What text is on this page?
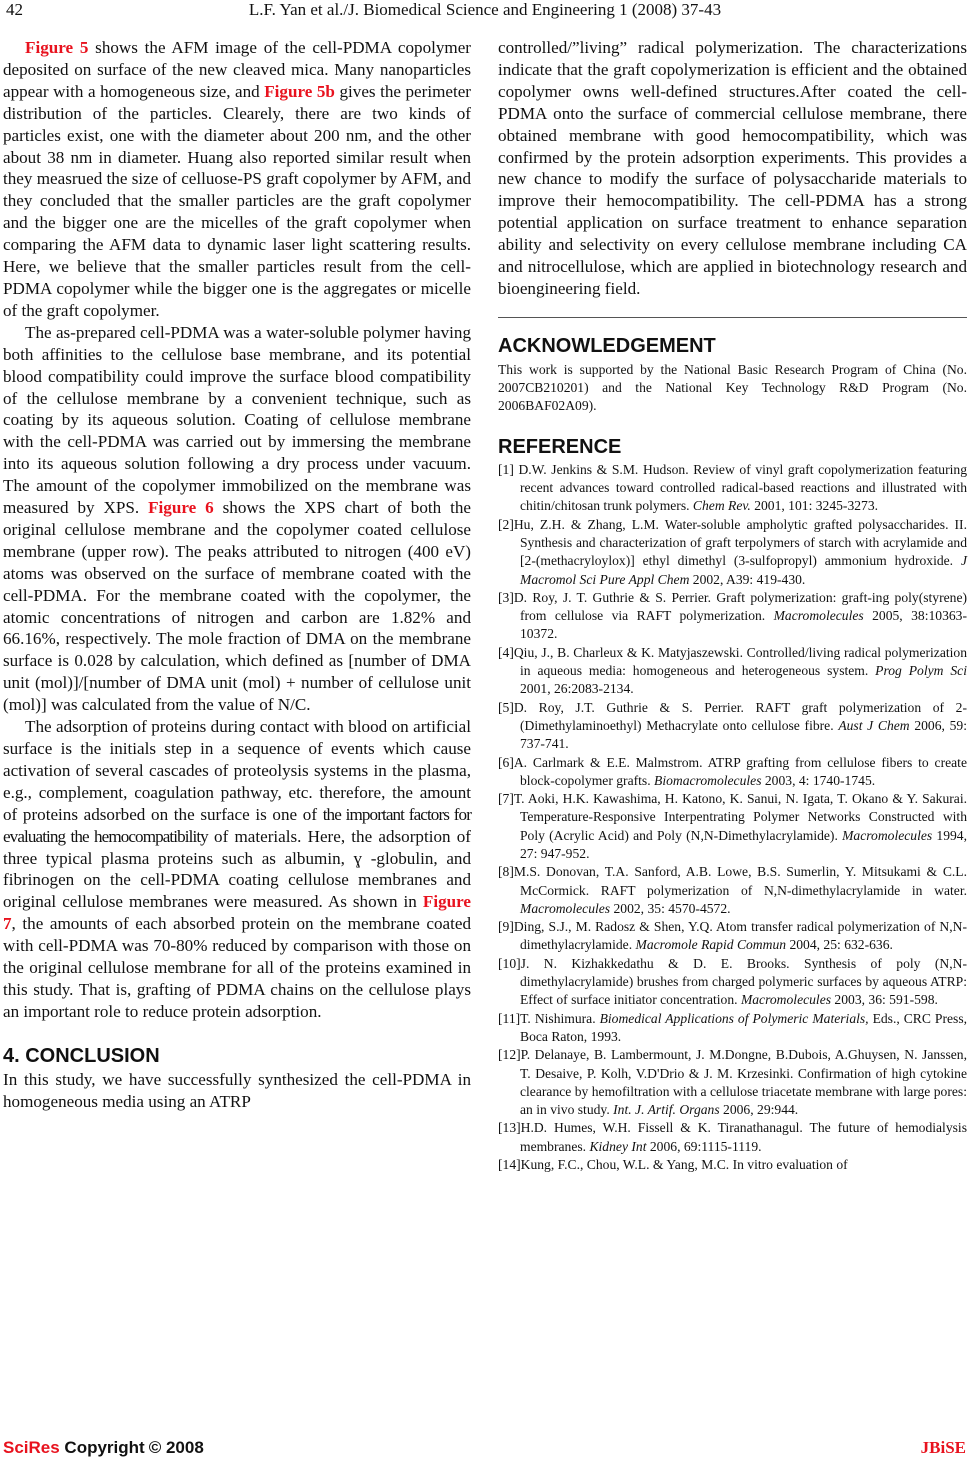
42	L.F. Yan et al./J. Biomedical Science and Engineering 1 (2008) 37-43

Figure 5 shows the AFM image of the cell-PDMA copolymer deposited on surface of the new cleaved mica. Many nanoparticles appear with a homogeneous size, and Figure 5b gives the perimeter distribution of the particles. Clearely, there are two kinds of particles exist, one with the diameter about 200 nm, and the other about 38 nm in diameter. Huang also reported similar result when they measrued the size of celluose-PS graft copolymer by AFM, and they concluded that the smaller particles are the graft copolymer and the bigger one are the micelles of the graft copolymer when comparing the AFM data to dynamic laser light scattering results. Here, we believe that the smaller particles result from the cell-PDMA copolymer while the bigger one is the aggregates or micelle of the graft copolymer.

The as-prepared cell-PDMA was a water-soluble polymer having both affinities to the cellulose base membrane, and its potential blood compatibility could improve the surface blood compatibility of the cellulose membrane by a convenient technique, such as coating by its aqueous solution. Coating of cellulose membrane with the cell-PDMA was carried out by immersing the membrane into its aqueous solution following a dry process under vacuum. The amount of the copolymer immobilized on the membrane was measured by XPS. Figure 6 shows the XPS chart of both the original cellulose membrane and the copolymer coated cellulose membrane (upper row). The peaks attributed to nitrogen (400 eV) atoms was observed on the surface of membrane coated with the cell-PDMA. For the membrane coated with the copolymer, the atomic concentrations of nitrogen and carbon are 1.82% and 66.16%, respectively. The mole fraction of DMA on the membrane surface is 0.028 by calculation, which defined as [number of DMA unit (mol)]/[number of DMA unit (mol) + number of cellulose unit (mol)] was calculated from the value of N/C.

The adsorption of proteins during contact with blood on artificial surface is the initials step in a sequence of events which cause activation of several cascades of proteolysis systems in the plasma, e.g., complement, coagulation pathway, etc. therefore, the amount of proteins adsorbed on the surface is one of the important factors for evaluating the hemocompatibility of materials. Here, the adsorption of three typical plasma proteins such as albumin, ɣ -globulin, and fibrinogen on the cell-PDMA coating cellulose membranes and original cellulose membranes were measured. As shown in Figure 7, the amounts of each absorbed protein on the membrane coated with cell-PDMA was 70-80% reduced by comparison with those on the original cellulose membrane for all of the proteins examined in this study. That is, grafting of PDMA chains on the cellulose plays an important role to reduce protein adsorption.

4. CONCLUSION

In this study, we have successfully synthesized the cell-PDMA in homogeneous media using an ATRP

controlled/”living” radical polymerization. The characterizations indicate that the graft copolymerization is efficient and the obtained copolymer owns well-defined structures.After coated the cell-PDMA onto the surface of commercial cellulose membrane, there obtained membrane with good hemocompatibility, which was confirmed by the protein adsorption experiments. This provides a new chance to modify the surface of polysaccharide materials to improve their hemocompatibility. The cell-PDMA has a strong potential application on surface treatment to enhance separation ability and selectivity on every cellulose membrane including CA and nitrocellulose, which are applied in biotechnology research and bioengineering field.

ACKNOWLEDGEMENT

This work is supported by the National Basic Research Program of China (No. 2007CB210201) and the National Key Technology R&D Program (No. 2006BAF02A09).

REFERENCE

[1] D.W. Jenkins & S.M. Hudson. Review of vinyl graft copolymerization featuring recent advances toward controlled radical-based reactions and illustrated with chitin/chitosan trunk polymers. Chem Rev. 2001, 101: 3245-3273.

[2]Hu, Z.H. & Zhang, L.M. Water-soluble ampholytic grafted polysaccharides. II. Synthesis and characterization of graft terpolymers of starch with acrylamide and [2-(methacryloylox)] ethyl dimethyl (3-sulfopropyl) ammonium hydroxide. J Macromol Sci Pure Appl Chem 2002, A39: 419-430.

[3]D. Roy, J. T. Guthrie & S. Perrier. Graft polymerization: graft-ing poly(styrene) from cellulose via RAFT polymerization. Macromolecules 2005, 38:10363-10372.

[4]Qiu, J., B. Charleux & K. Matyjaszewski. Controlled/living radical polymerization in aqueous media: homogeneous and heterogeneous system. Prog Polym Sci 2001, 26:2083-2134.

[5]D. Roy, J.T. Guthrie & S. Perrier. RAFT graft polymerization of 2-(Dimethylaminoethyl) Methacrylate onto cellulose fibre. Aust J Chem 2006, 59: 737-741.

[6]A. Carlmark & E.E. Malmstrom. ATRP grafting from cellulose fibers to create block-copolymer grafts. Biomacromolecules 2003, 4: 1740-1745.

[7]T. Aoki, H.K. Kawashima, H. Katono, K. Sanui, N. Igata, T. Okano & Y. Sakurai. Temperature-Responsive Interpentrating Polymer Networks Constructed with Poly (Acrylic Acid) and Poly (N,N-Dimethylacrylamide). Macromolecules 1994, 27: 947-952.

[8]M.S. Donovan, T.A. Sanford, A.B. Lowe, B.S. Sumerlin, Y. Mitsukami & C.L. McCormick. RAFT polymerization of N,N-dimethylacrylamide in water. Macromolecules 2002, 35: 4570-4572.

[9]Ding, S.J., M. Radosz & Shen, Y.Q. Atom transfer radical polymerization of N,N-dimethylacrylamide. Macromole Rapid Commun 2004, 25: 632-636.

[10]J. N. Kizhakkedathu & D. E. Brooks. Synthesis of poly (N,N-dimethylacrylamide) brushes from charged polymeric surfaces by aqueous ATRP: Effect of surface initiator concentration. Macromolecules 2003, 36: 591-598.

[11]T. Nishimura. Biomedical Applications of Polymeric Materials, Eds., CRC Press, Boca Raton, 1993.

[12]P. Delanaye, B. Lambermount, J. M.Dongne, B.Dubois, A.Ghuysen, N. Janssen, T. Desaive, P. Kolh, V.D'Drio & J. M. Krzesinki. Confirmation of high cytokine clearance by hemofiltration with a cellulose triacetate membrane with large pores: an in vivo study. Int. J. Artif. Organs 2006, 29:944.

[13]H.D. Humes, W.H. Fissell & K. Tiranathanagul. The future of hemodialysis membranes. Kidney Int 2006, 69:1115-1119.

[14]Kung, F.C., Chou, W.L. & Yang, M.C. In vitro evaluation of

SciRes Copyright © 2008	JBiSE
